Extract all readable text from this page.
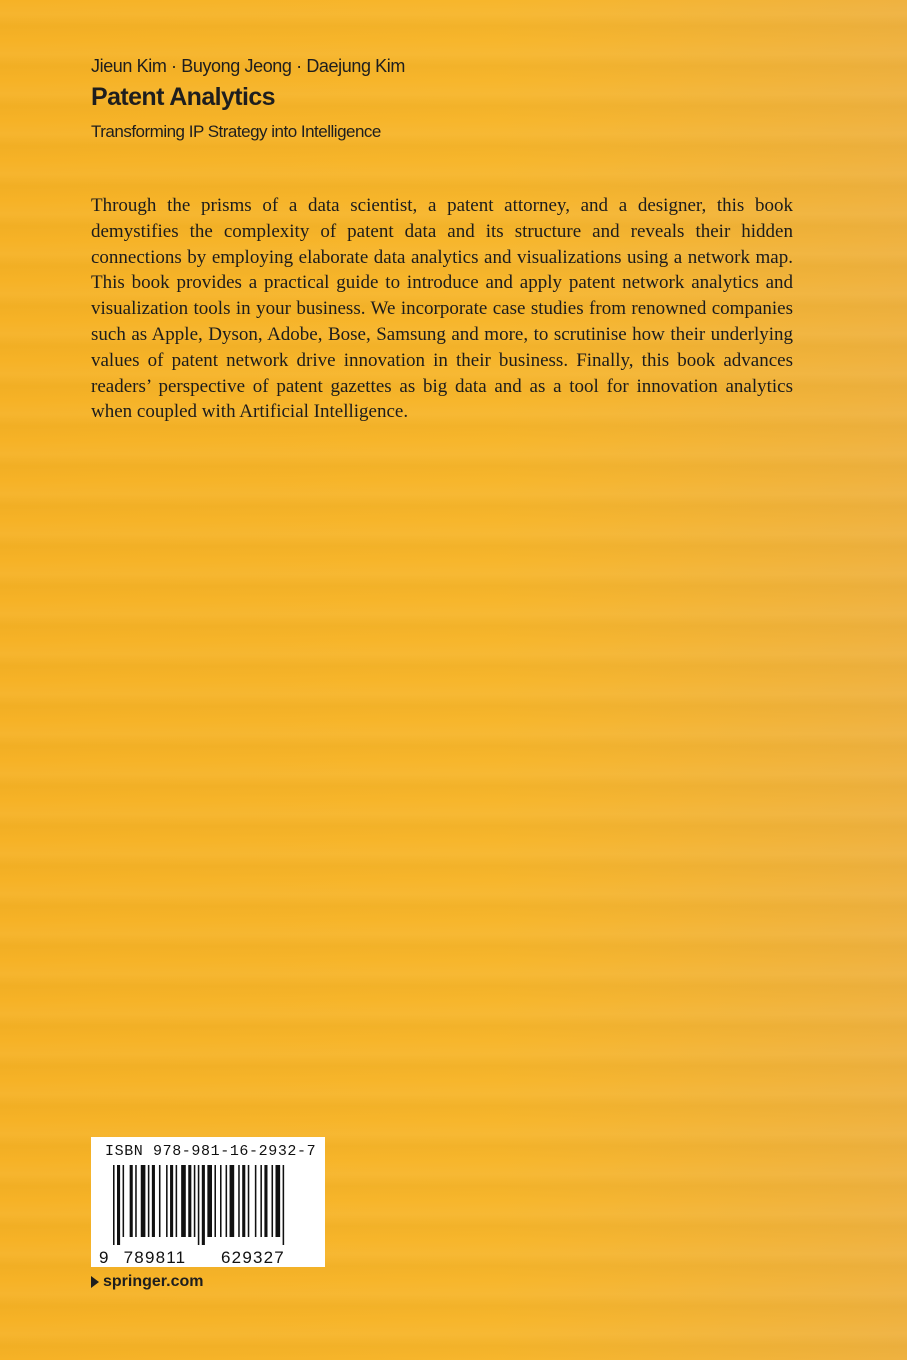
Jieun Kim · Buyong Jeong · Daejung Kim
Patent Analytics
Transforming IP Strategy into Intelligence

Through the prisms of a data scientist, a patent attorney, and a designer, this book demystifies the complexity of patent data and its structure and reveals their hidden connections by employing elaborate data analytics and visualizations using a network map. This book provides a practical guide to introduce and apply patent network analytics and visualization tools in your business. We incorporate case studies from renowned companies such as Apple, Dyson, Adobe, Bose, Samsung and more, to scrutinise how their underlying values of patent network drive innovation in their business. Finally, this book advances readers’ perspective of patent gazettes as big data and as a tool for innovation analytics when coupled with Artificial Intelligence.

ISBN 978-981-16-2932-7
9 789811 629327
springer.com
